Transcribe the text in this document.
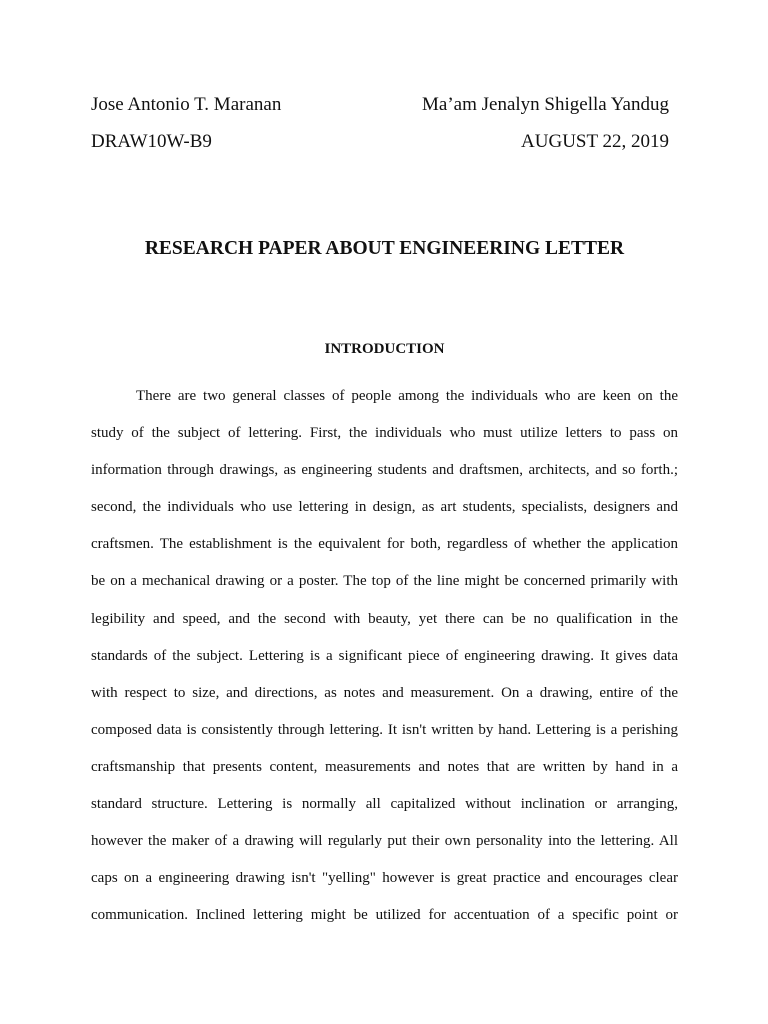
Jose Antonio T. Maranan	Ma’am Jenalyn Shigella Yandug
DRAW10W-B9	AUGUST 22, 2019
RESEARCH PAPER ABOUT ENGINEERING LETTER
INTRODUCTION
There are two general classes of people among the individuals who are keen on the
study of the subject of lettering. First, the individuals who must utilize letters to pass on
information through drawings, as engineering students and draftsmen, architects, and so forth.;
second, the individuals who use lettering in design, as art students, specialists, designers and
craftsmen. The establishment is the equivalent for both, regardless of whether the application
be on a mechanical drawing or a poster. The top of the line might be concerned primarily with
legibility and speed, and the second with beauty, yet there can be no qualification in the
standards of the subject. Lettering is a significant piece of engineering drawing. It gives data
with respect to size, and directions, as notes and measurement. On a drawing, entire of the
composed data is consistently through lettering. It isn't written by hand. Lettering is a perishing
craftsmanship that presents content, measurements and notes that are written by hand in a
standard structure. Lettering is normally all capitalized without inclination or arranging,
however the maker of a drawing will regularly put their own personality into the lettering. All
caps on a engineering drawing isn't "yelling" however is great practice and encourages clear
communication. Inclined lettering might be utilized for accentuation of a specific point or
